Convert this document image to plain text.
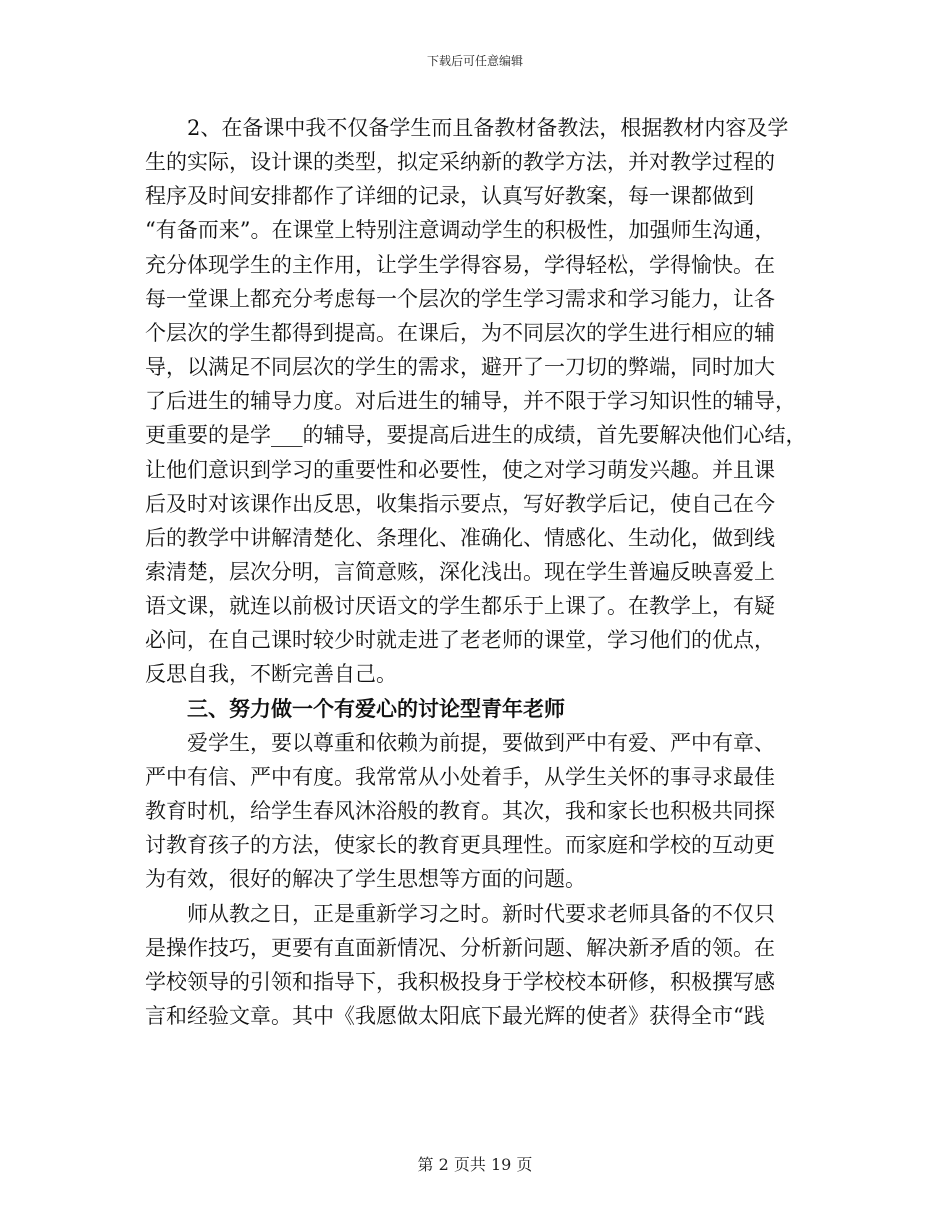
下载后可任意编辑
2、在备课中我不仅备学生而且备教材备教法，根据教材内容及学
生的实际，设计课的类型，拟定采纳新的教学方法，并对教学过程的
程序及时间安排都作了详细的记录，认真写好教案，每一课都做到
“有备而来”。在课堂上特别注意调动学生的积极性，加强师生沟通，
充分体现学生的主作用，让学生学得容易，学得轻松，学得愉快。在
每一堂课上都充分考虑每一个层次的学生学习需求和学习能力，让各
个层次的学生都得到提高。在课后，为不同层次的学生进行相应的辅
导，以满足不同层次的学生的需求，避开了一刀切的弊端，同时加大
了后进生的辅导力度。对后进生的辅导，并不限于学习知识性的辅导，
更重要的是学___的辅导，要提高后进生的成绩，首先要解决他们心结，
让他们意识到学习的重要性和必要性，使之对学习萌发兴趣。并且课
后及时对该课作出反思，收集指示要点，写好教学后记，使自己在今
后的教学中讲解清楚化、条理化、准确化、情感化、生动化，做到线
索清楚，层次分明，言简意赅，深化浅出。现在学生普遍反映喜爱上
语文课，就连以前极讨厌语文的学生都乐于上课了。在教学上，有疑
必问，在自己课时较少时就走进了老老师的课堂，学习他们的优点，
反思自我，不断完善自己。
三、努力做一个有爱心的讨论型青年老师
爱学生，要以尊重和依赖为前提，要做到严中有爱、严中有章、
严中有信、严中有度。我常常从小处着手，从学生关怀的事寻求最佳
教育时机，给学生春风沐浴般的教育。其次，我和家长也积极共同探
讨教育孩子的方法，使家长的教育更具理性。而家庭和学校的互动更
为有效，很好的解决了学生思想等方面的问题。
师从教之日，正是重新学习之时。新时代要求老师具备的不仅只
是操作技巧，更要有直面新情况、分析新问题、解决新矛盾的领。在
学校领导的引领和指导下，我积极投身于学校校本研修，积极撰写感
言和经验文章。其中《我愿做太阳底下最光辉的使者》获得全市“践
第 2 页共 19 页
